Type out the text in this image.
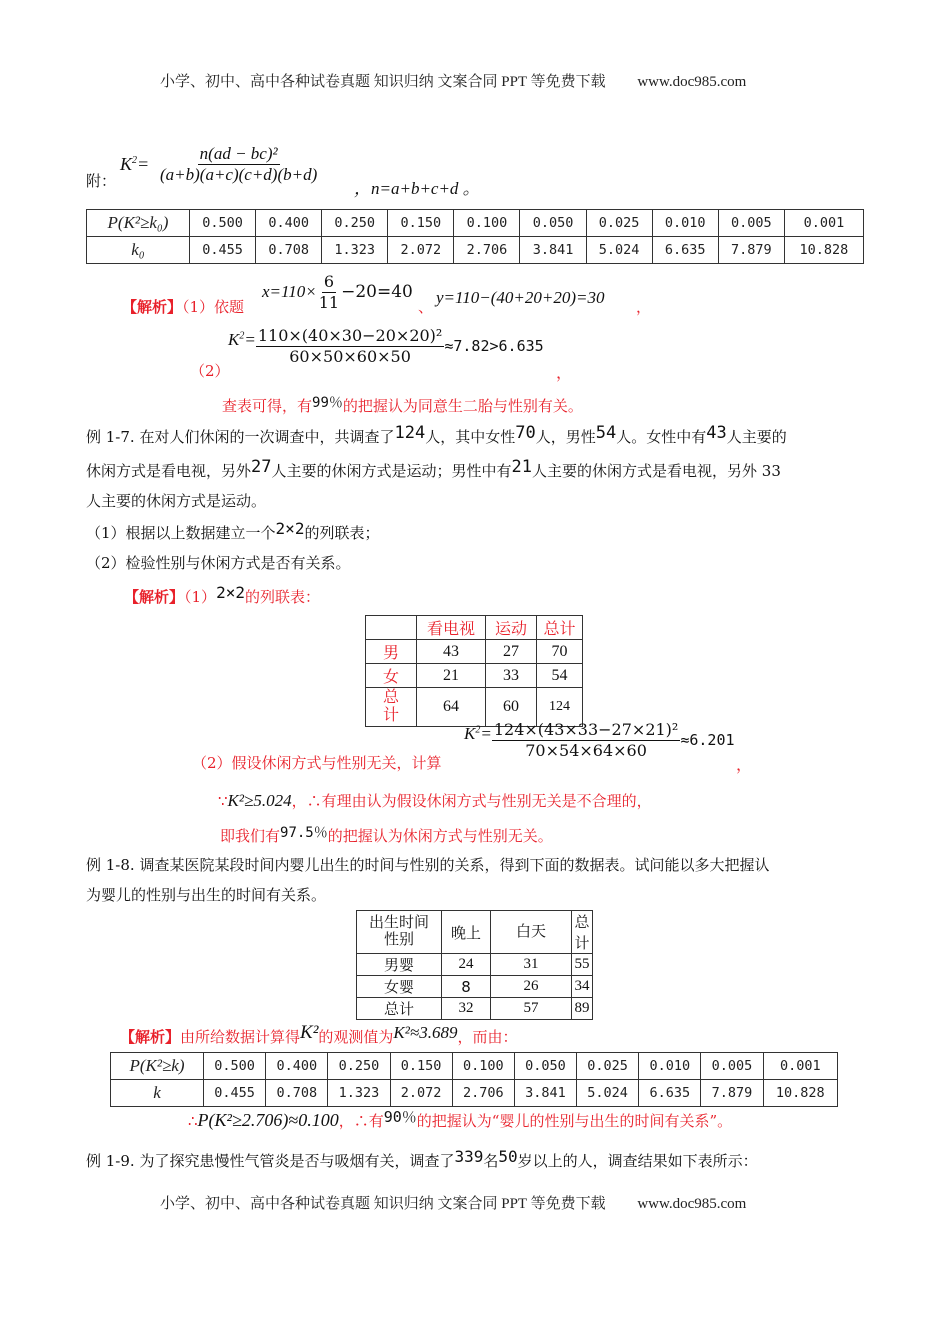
小学、初中、高中各种试卷真题 知识归纳 文案合同 PPT 等免费下载 www.doc985.com
附：
$K^2= \frac{\text{n(ad − bc)²}}{(a+b)(a+c)(c+d)(b+d)}$
，n=a+b+c+d 。
P(K²≥k₀)	0.500	0.400	0.250	0.150	0.100	0.050	0.025	0.010	0.005	0.001
k₀	0.455	0.708	1.323	2.072	2.706	3.841	5.024	6.635	7.879	10.828
【解析】（1）依题
$x=110\times \frac{6}{11} -20=40$
、 y=110−(40+20+20)=30 ，
（2）
$K^2= \frac{\text{110×(40×30−20×20)²}}{60\times 50\times 60\times 50} \approx 7.82>6.635$
，
查表可得，有99％的把握认为同意生二胎与性别有关。
例 1-7. 在对人们休闲的一次调查中，共调查了124人，其中女性70人，男性54人。女性中有43人主要的
休闲方式是看电视，另外27人主要的休闲方式是运动；男性中有21人主要的休闲方式是看电视，另外 33
人主要的休闲方式是运动。
（1）根据以上数据建立一个2×2的列联表；
（2）检验性别与休闲方式是否有关系。
【解析】（1）2×2的列联表：
	看电视	运动	总计
男	43	27	70
女	21	33	54
总计	64	60	124
（2）假设休闲方式与性别无关，计算
$K^2= \frac{\text{124×(43×33−27×21)²}}{70\times 54\times 64\times 60} \approx 6.201$
，
∵K²≥5.024，∴有理由认为假设休闲方式与性别无关是不合理的，
即我们有97.5％的把握认为休闲方式与性别无关。
例 1-8. 调查某医院某段时间内婴儿出生的时间与性别的关系，得到下面的数据表。试问能以多大把握认
为婴儿的性别与出生的时间有关系。
出生时间
性别	晚上	白天	总计
男婴	24	31	55
女婴	8	26	34
总计	32	57	89
【解析】由所给数据计算得K²的观测值为K²≈3.689，而由：
P(K²≥k)	0.500	0.400	0.250	0.150	0.100	0.050	0.025	0.010	0.005	0.001
k	0.455	0.708	1.323	2.072	2.706	3.841	5.024	6.635	7.879	10.828
∴P(K²≥2.706)≈0.100，∴有90％的把握认为“婴儿的性别与出生的时间有关系”。
例 1-9. 为了探究患慢性气管炎是否与吸烟有关，调查了339名50岁以上的人，调查结果如下表所示：
小学、初中、高中各种试卷真题 知识归纳 文案合同 PPT 等免费下载 www.doc985.com
